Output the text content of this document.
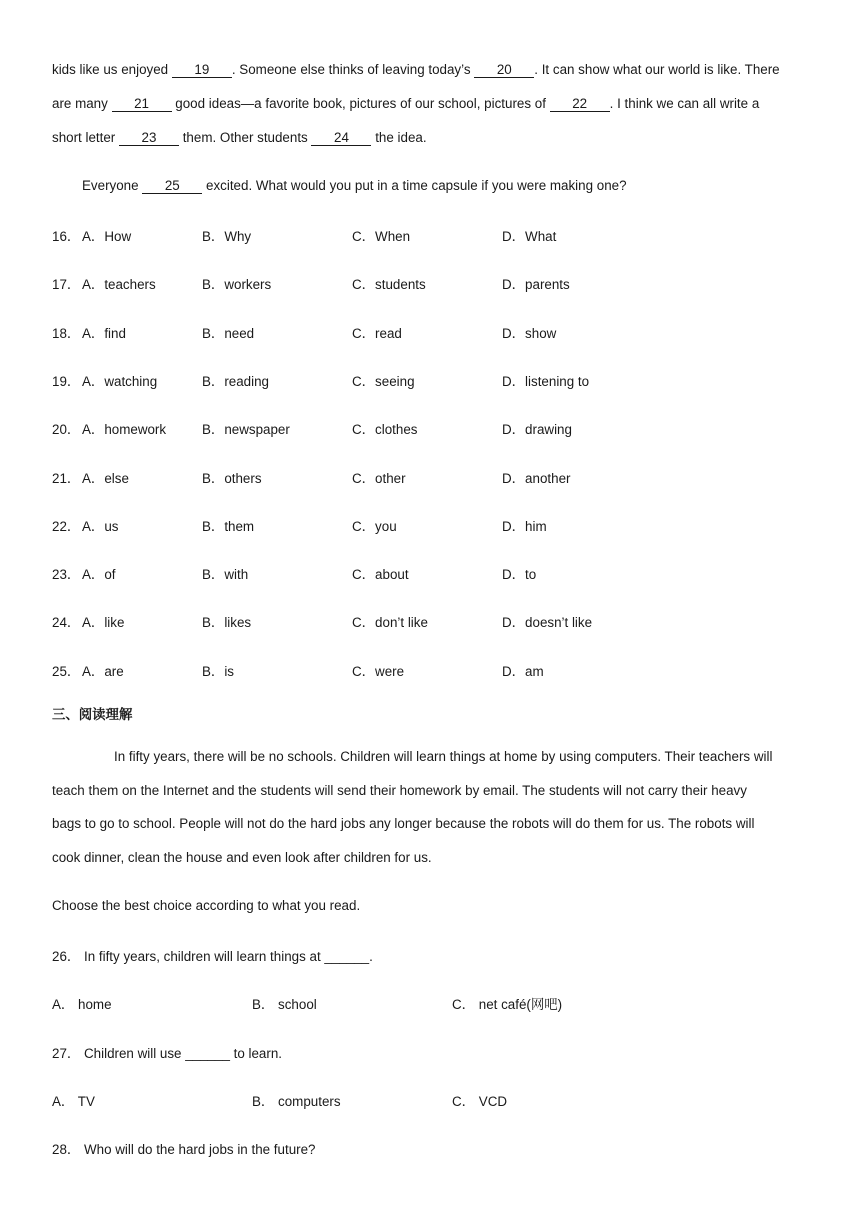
kids like us enjoyed 19 . Someone else thinks of leaving today’s 20 . It can show what our world is like. There
are many 21 good ideas—a favorite book, pictures of our school, pictures of 22 . I think we can all write a
short letter 23 them. Other students 24 the idea.
Everyone 25 excited. What would you put in a time capsule if you were making one?
16． A．How	B．Why	C．When	D．What
17． A．teachers	B．workers	C．students	D．parents
18． A．find	B．need	C．read	D．show
19． A．watching	B．reading	C．seeing	D．listening to
20． A．homework	B．newspaper	C．clothes	D．drawing
21． A．else	B．others	C．other	D．another
22． A．us	B．them	C．you	D．him
23． A．of	B．with	C．about	D．to
24． A．like	B．likes	C．don’t like	D．doesn’t like
25． A．are	B．is	C．were	D．am
三、阅读理解
In fifty years, there will be no schools. Children will learn things at home by using computers. Their teachers will
teach them on the Internet and the students will send their homework by email. The students will not carry their heavy
bags to go to school. People will not do the hard jobs any longer because the robots will do them for us. The robots will
cook dinner, clean the house and even look after children for us.
Choose the best choice according to what you read.
26． In fifty years, children will learn things at ______.
A． home	B． school	C． net café(网吧)
27． Children will use ______ to learn.
A． TV	B． computers	C． VCD
28． Who will do the hard jobs in the future?
